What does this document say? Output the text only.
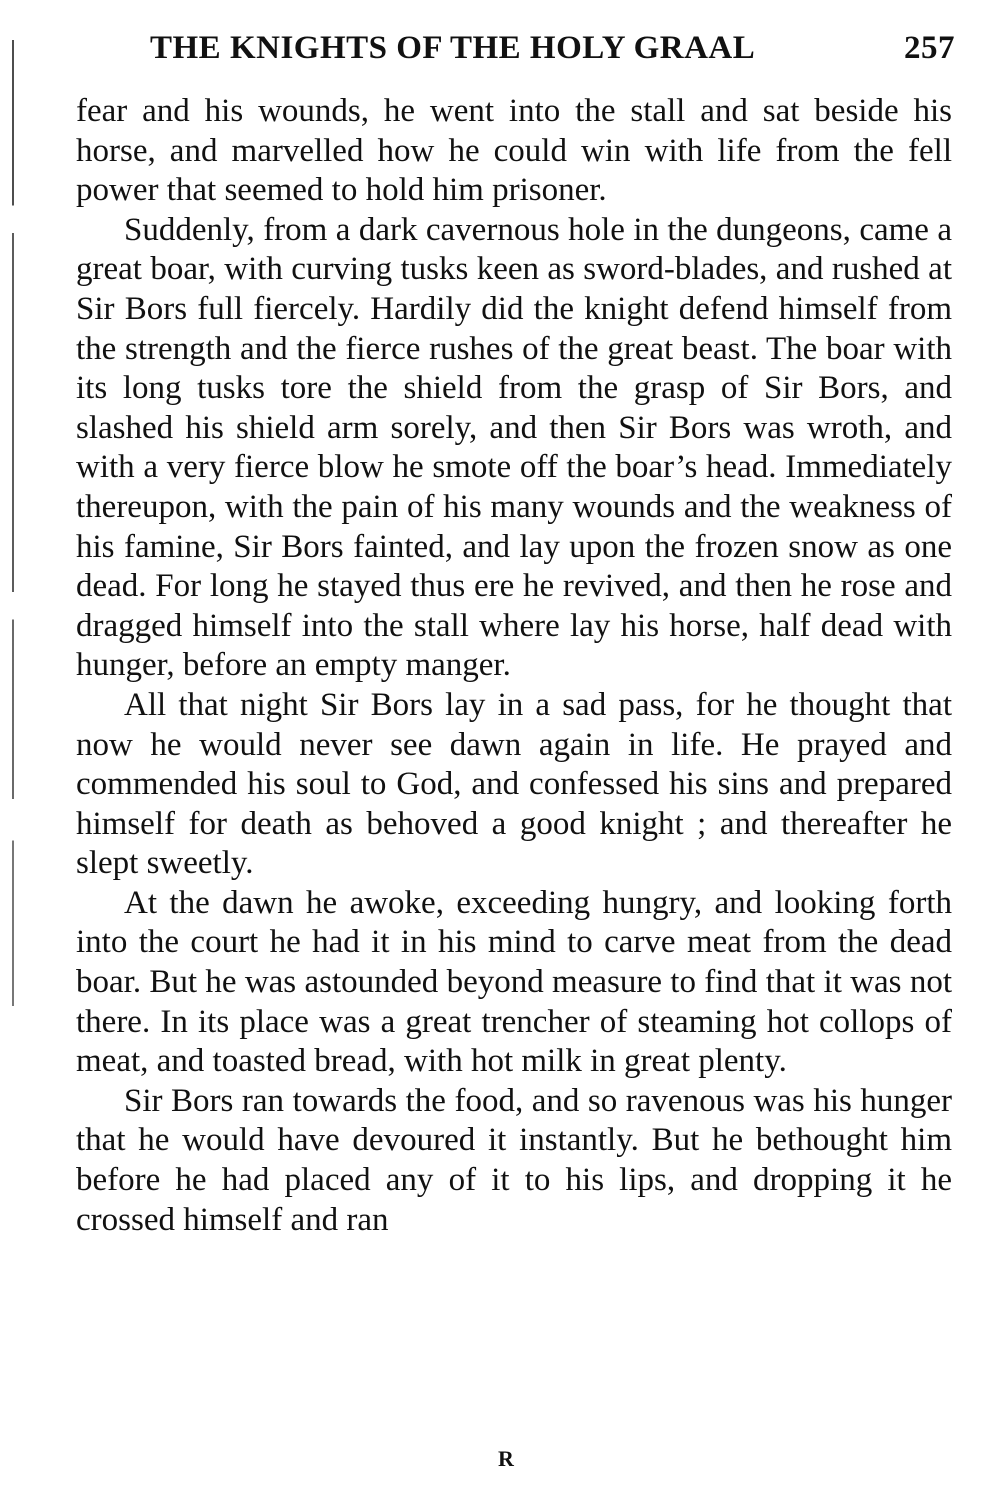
THE KNIGHTS OF THE HOLY GRAAL	257

fear and his wounds, he went into the stall and sat beside his horse, and marvelled how he could win with life from the fell power that seemed to hold him prisoner.

Suddenly, from a dark cavernous hole in the dungeons, came a great boar, with curving tusks keen as sword-blades, and rushed at Sir Bors full fiercely. Hardily did the knight defend himself from the strength and the fierce rushes of the great beast. The boar with its long tusks tore the shield from the grasp of Sir Bors, and slashed his shield arm sorely, and then Sir Bors was wroth, and with a very fierce blow he smote off the boar’s head. Immediately thereupon, with the pain of his many wounds and the weakness of his famine, Sir Bors fainted, and lay upon the frozen snow as one dead. For long he stayed thus ere he revived, and then he rose and dragged himself into the stall where lay his horse, half dead with hunger, before an empty manger.

All that night Sir Bors lay in a sad pass, for he thought that now he would never see dawn again in life. He prayed and commended his soul to God, and confessed his sins and prepared himself for death as behoved a good knight ; and thereafter he slept sweetly.

At the dawn he awoke, exceeding hungry, and looking forth into the court he had it in his mind to carve meat from the dead boar. But he was astounded beyond measure to find that it was not there. In its place was a great trencher of steaming hot collops of meat, and toasted bread, with hot milk in great plenty.

Sir Bors ran towards the food, and so ravenous was his hunger that he would have devoured it instantly. But he bethought him before he had placed any of it to his lips, and dropping it he crossed himself and ran

R
